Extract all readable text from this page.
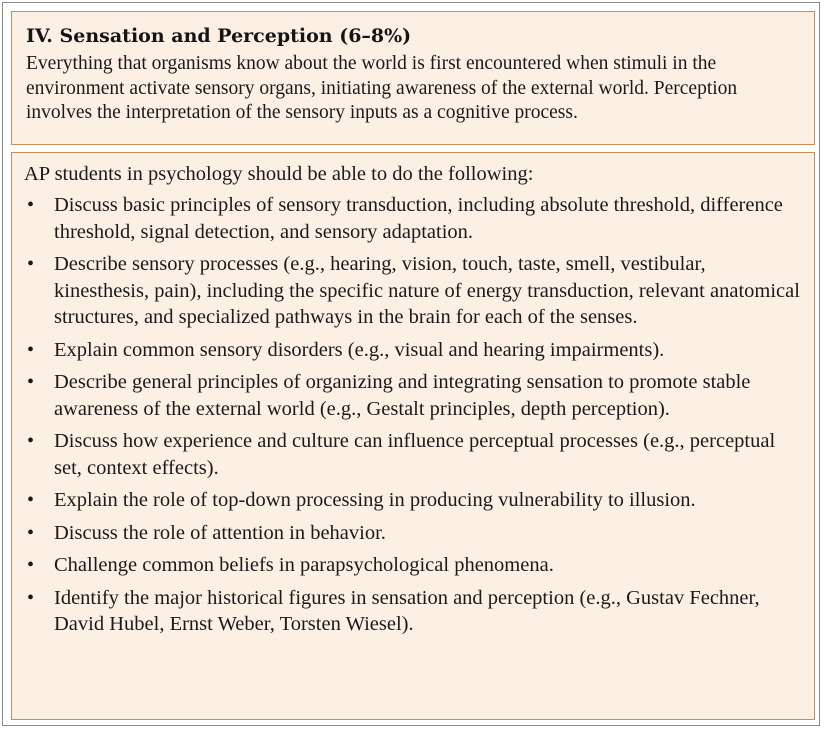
IV. Sensation and Perception (6–8%)

Everything that organisms know about the world is first encountered when stimuli in the environment activate sensory organs, initiating awareness of the external world. Perception involves the interpretation of the sensory inputs as a cognitive process.

AP students in psychology should be able to do the following:

• Discuss basic principles of sensory transduction, including absolute threshold, difference threshold, signal detection, and sensory adaptation.
• Describe sensory processes (e.g., hearing, vision, touch, taste, smell, vestibular, kinesthesis, pain), including the specific nature of energy transduction, relevant anatomical structures, and specialized pathways in the brain for each of the senses.
• Explain common sensory disorders (e.g., visual and hearing impairments).
• Describe general principles of organizing and integrating sensation to promote stable awareness of the external world (e.g., Gestalt principles, depth perception).
• Discuss how experience and culture can influence perceptual processes (e.g., perceptual set, context effects).
• Explain the role of top-down processing in producing vulnerability to illusion.
• Discuss the role of attention in behavior.
• Challenge common beliefs in parapsychological phenomena.
• Identify the major historical figures in sensation and perception (e.g., Gustav Fechner, David Hubel, Ernst Weber, Torsten Wiesel).
